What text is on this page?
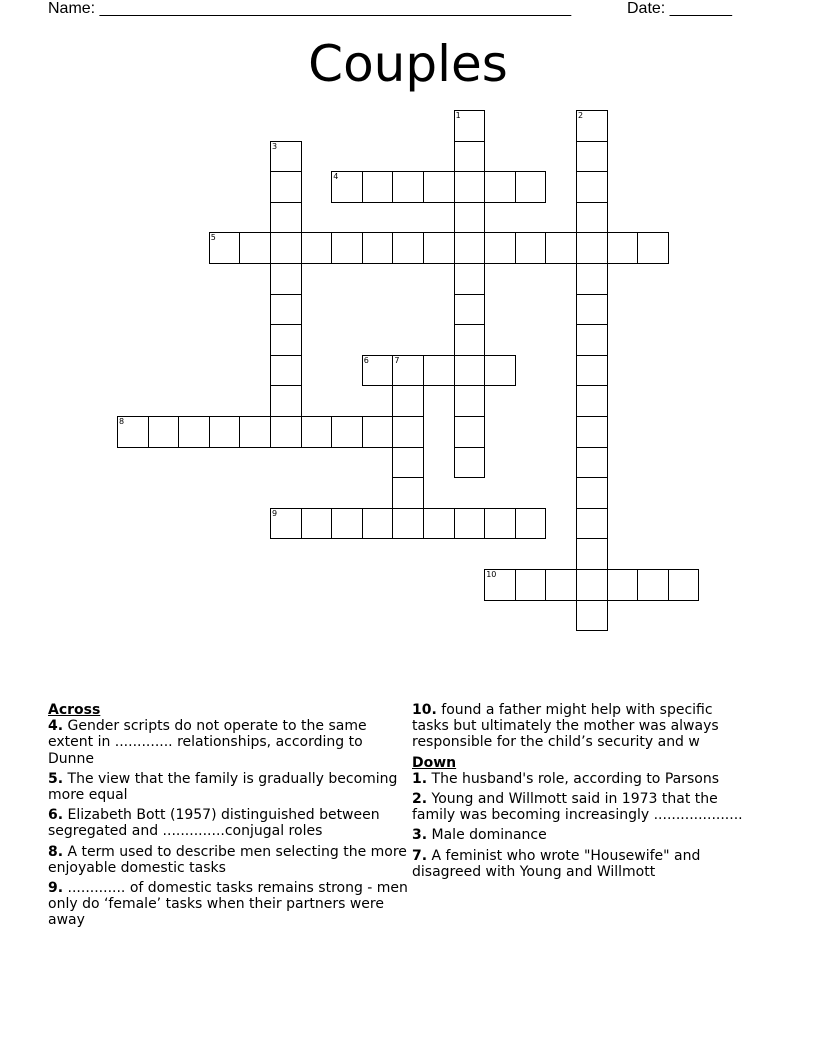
Name: _____________________________________________________	Date: _______
Couples
1	2
3
4
5
6	7
8
9
10
Across
4. Gender scripts do not operate to the same extent in ............. relationships, according to Dunne
5. The view that the family is gradually becoming more equal
6. Elizabeth Bott (1957) distinguished between segregated and ..............conjugal roles
8. A term used to describe men selecting the more enjoyable domestic tasks
9. ............. of domestic tasks remains strong - men only do ‘female’ tasks when their partners were away
10. found a father might help with specific tasks but ultimately the mother was always responsible for the child’s security and w
Down
1. The husband's role, according to Parsons
2. Young and Willmott said in 1973 that the family was becoming increasingly ....................
3. Male dominance
7. A feminist who wrote "Housewife" and disagreed with Young and Willmott
